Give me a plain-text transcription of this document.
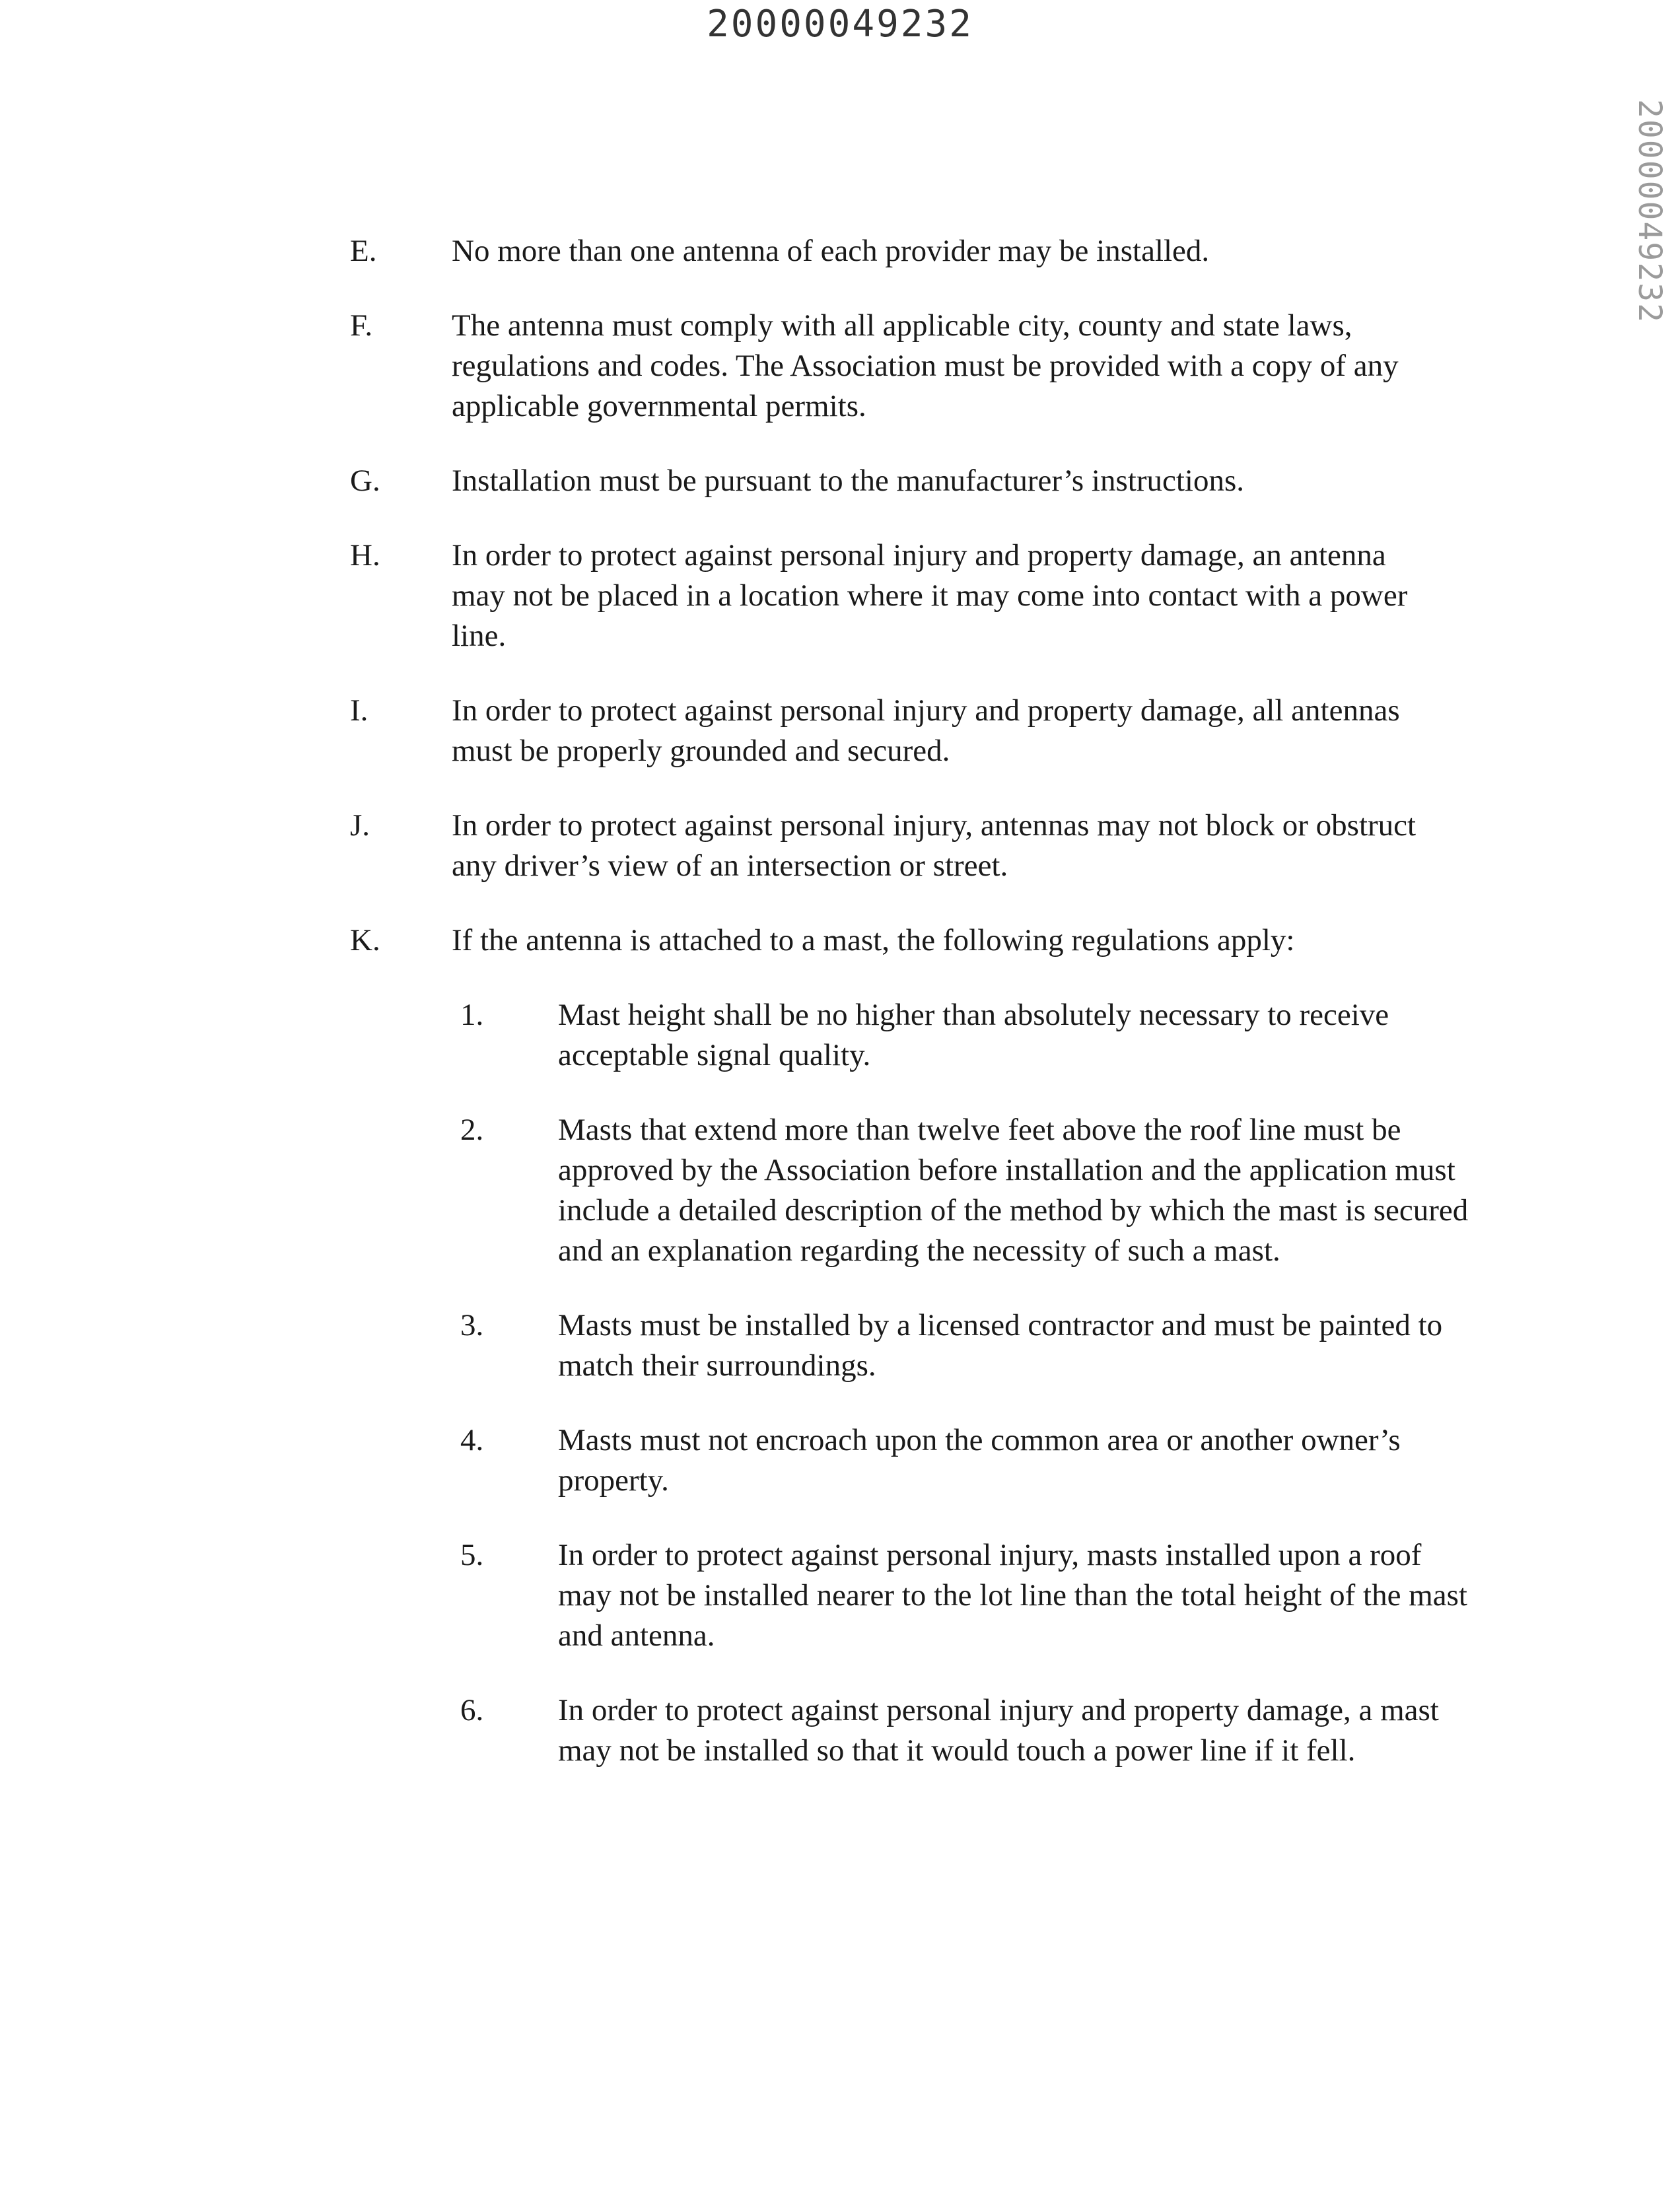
20000049232
20000049232
E.	No more than one antenna of each provider may be installed.
F.	The antenna must comply with all applicable city, county and state laws, regulations and codes. The Association must be provided with a copy of any applicable governmental permits.
G.	Installation must be pursuant to the manufacturer’s instructions.
H.	In order to protect against personal injury and property damage, an antenna may not be placed in a location where it may come into contact with a power line.
I.	In order to protect against personal injury and property damage, all antennas must be properly grounded and secured.
J.	In order to protect against personal injury, antennas may not block or obstruct any driver’s view of an intersection or street.
K.	If the antenna is attached to a mast, the following regulations apply:
1.	Mast height shall be no higher than absolutely necessary to receive acceptable signal quality.
2.	Masts that extend more than twelve feet above the roof line must be approved by the Association before installation and the application must include a detailed description of the method by which the mast is secured and an explanation regarding the necessity of such a mast.
3.	Masts must be installed by a licensed contractor and must be painted to match their surroundings.
4.	Masts must not encroach upon the common area or another owner’s property.
5.	In order to protect against personal injury, masts installed upon a roof may not be installed nearer to the lot line than the total height of the mast and antenna.
6.	In order to protect against personal injury and property damage, a mast may not be installed so that it would touch a power line if it fell.
